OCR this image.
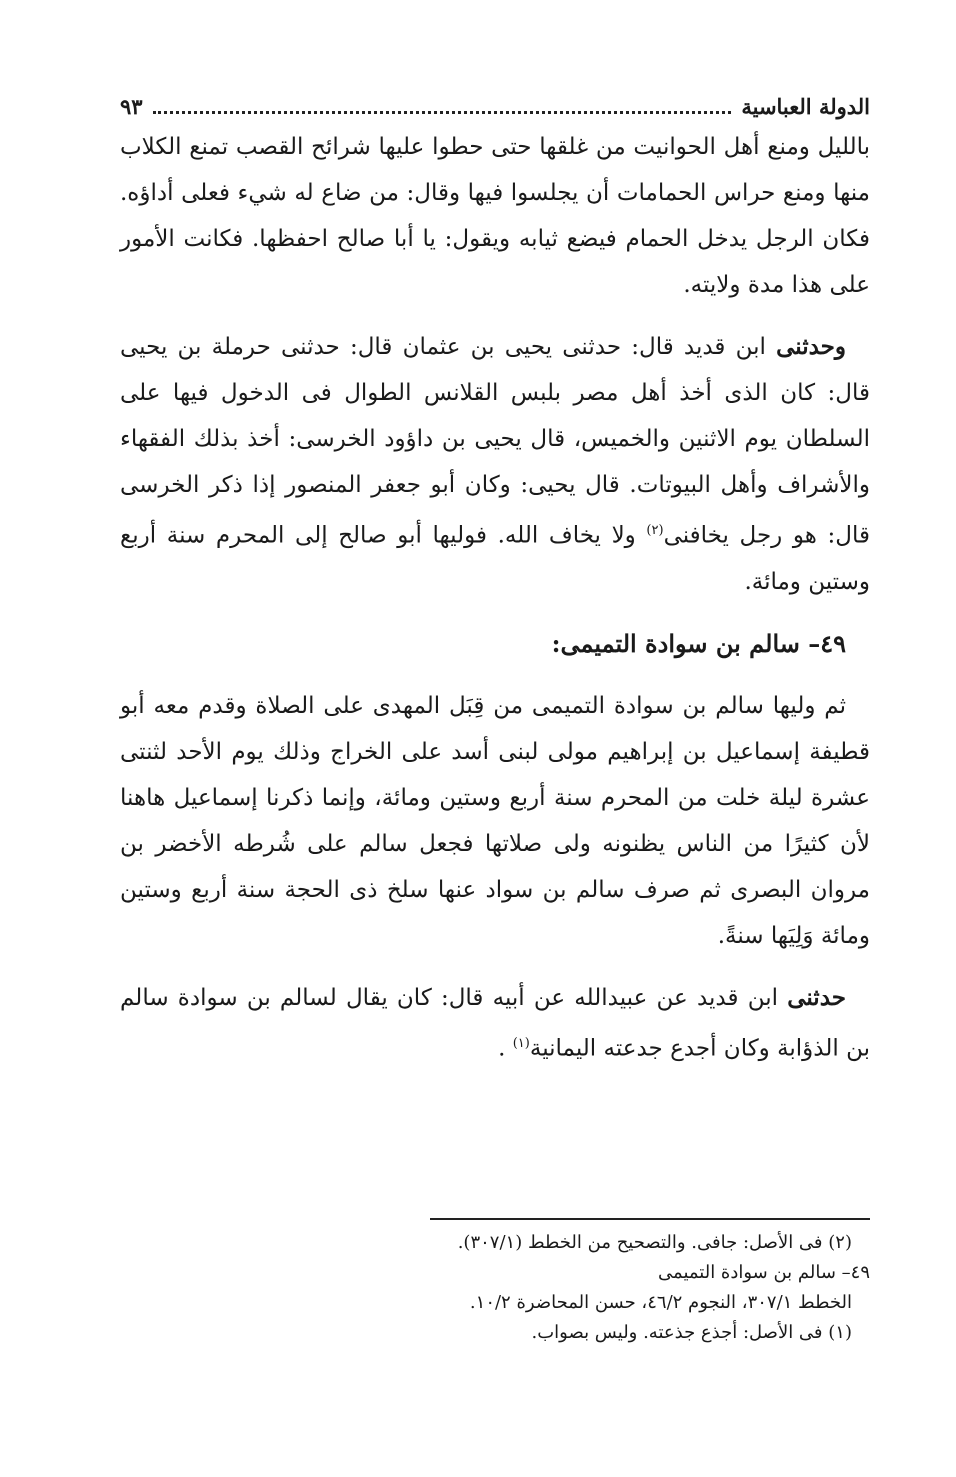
الدولة العباسية
٩٣

بالليل ومنع أهل الحوانيت من غلقها حتى حطوا عليها شرائح القصب تمنع الكلاب منها ومنع حراس الحمامات أن يجلسوا فيها وقال: من ضاع له شيء فعلى أداؤه. فكان الرجل يدخل الحمام فيضع ثيابه ويقول: يا أبا صالح احفظها. فكانت الأمور على هذا مدة ولايته.

وحدثنى ابن قديد قال: حدثنى يحيى بن عثمان قال: حدثنى حرملة بن يحيى قال: كان الذى أخذ أهل مصر بلبس القلانس الطوال فى الدخول فيها على السلطان يوم الاثنين والخميس، قال يحيى بن داؤود الخرسى: أخذ بذلك الفقهاء والأشراف وأهل البيوتات. قال يحيى: وكان أبو جعفر المنصور إذا ذكر الخرسى قال: هو رجل يخافنى$^{(٢)}$ ولا يخاف الله. فوليها أبو صالح إلى المحرم سنة أربع وستين ومائة.

٤٩– سالم بن سوادة التميمى:

ثم وليها سالم بن سوادة التميمى من قِبَل المهدى على الصلاة وقدم معه أبو قطيفة إسماعيل بن إبراهيم مولى لبنى أسد على الخراج وذلك يوم الأحد لثنتى عشرة ليلة خلت من المحرم سنة أربع وستين ومائة، وإنما ذكرنا إسماعيل هاهنا لأن كثيرًا من الناس يظنونه ولى صلاتها فجعل سالم على شُرطه الأخضر بن مروان البصرى ثم صرف سالم بن سواد عنها سلخ ذى الحجة سنة أربع وستين ومائة وَلِيَها سنةً.

حدثنى ابن قديد عن عبيدالله عن أبيه قال: كان يقال لسالم بن سوادة سالم بن الذؤابة وكان أجدع جدعته اليمانية$^{(١)}$ .

(٢) فى الأصل: جافى. والتصحيح من الخطط (٣٠٧/١).

٤٩– سالم بن سوادة التميمى

الخطط ٣٠٧/١، النجوم ٤٦/٢، حسن المحاضرة ١٠/٢.

(١) فى الأصل: أجذع جذعته. وليس بصواب.
